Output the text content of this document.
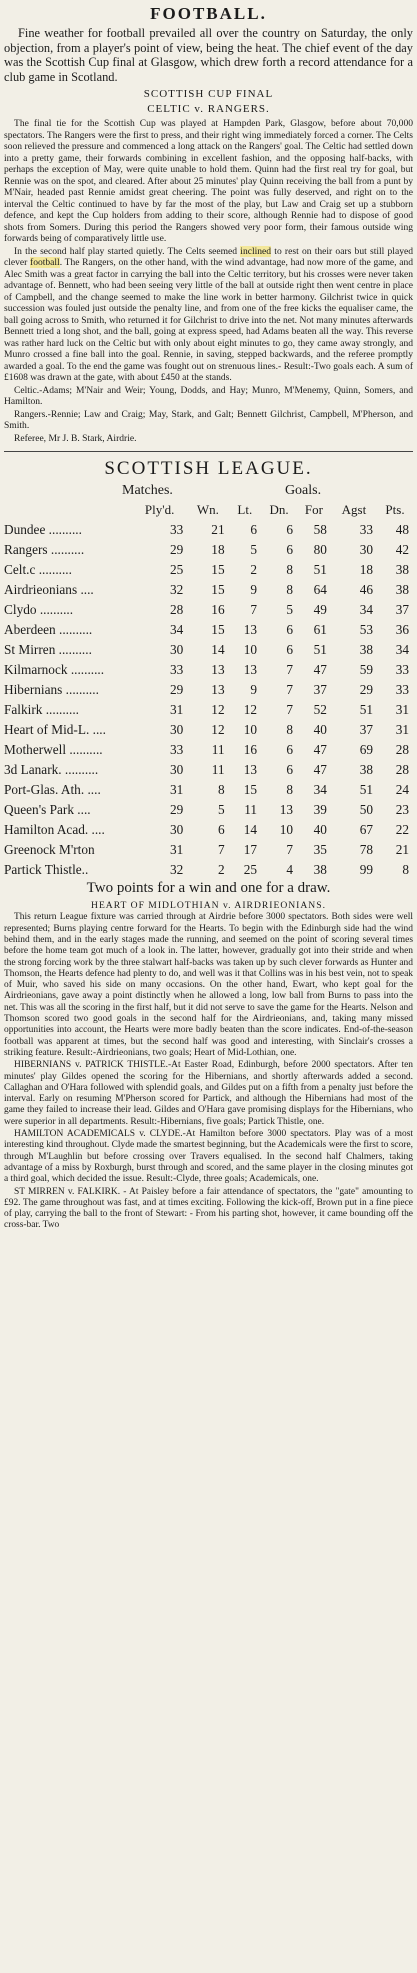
FOOTBALL.

Fine weather for football prevailed all over the country on Saturday, the only objection, from a player's point of view, being the heat. The chief event of the day was the Scottish Cup final at Glasgow, which drew forth a record attendance for a club game in Scotland.

SCOTTISH CUP FINAL
CELTIC v. RANGERS.

The final tie for the Scottish Cup was played at Hampden Park, Glasgow, before about 70,000 spectators. The Rangers were the first to press, and their right wing immediately forced a corner. The Celts soon relieved the pressure and commenced a long attack on the Rangers' goal. The Celtic had settled down into a pretty game, their forwards combining in excellent fashion, and the opposing half-backs, with perhaps the exception of May, were quite unable to hold them. Quinn had the first real try for goal, but Rennie was on the spot, and cleared. After about 25 minutes' play Quinn receiving the ball from a punt by M'Nair, headed past Rennie amidst great cheering. The point was fully deserved, and right on to the interval the Celtic continued to have by far the most of the play, but Law and Craig set up a stubborn defence, and kept the Cup holders from adding to their score, although Rennie had to dispose of good shots from Somers. During this period the Rangers showed very poor form, their famous outside wing forwards being of comparatively little use.

In the second half play started quietly. The Celts seemed inclined to rest on their oars but still played clever football. The Rangers, on the other hand, with the wind advantage, had now more of the game, and Alec Smith was a great factor in carrying the ball into the Celtic territory, but his crosses were never taken advantage of. Bennett, who had been seeing very little of the ball at outside right then went centre in place of Campbell, and the change seemed to make the line work in better harmony. Gilchrist twice in quick succession was fouled just outside the penalty line, and from one of the free kicks the equaliser came, the ball going across to Smith, who returned it for Gilchrist to drive into the net. Not many minutes afterwards Bennett tried a long shot, and the ball, going at express speed, had Adams beaten all the way. This reverse was rather hard luck on the Celtic but with only about eight minutes to go, they came away strongly, and Munro crossed a fine ball into the goal. Rennie, in saving, stepped backwards, and the referee promptly awarded a goal. To the end the game was fought out on strenuous lines.- Result:-Two goals each. A sum of £1608 was drawn at the gate, with about £450 at the stands.

Celtic.-Adams; M'Nair and Weir; Young, Dodds, and Hay; Munro, M'Menemy, Quinn, Somers, and Hamilton.

Rangers.-Rennie; Law and Craig; May, Stark, and Galt; Bennett Gilchrist, Campbell, M'Pherson, and Smith.

Referee, Mr J. B. Stark, Airdrie.

SCOTTISH LEAGUE.
Matches.	Goals.
	Ply'd.	Wn.	Lt.	Dn.	For	Agst	Pts.
Dundee ..........	33	21	6	6	58	33	48
Rangers ..........	29	18	5	6	80	30	42
Celt.c ..........	25	15	2	8	51	18	38
Airdrieonians ....	32	15	9	8	64	46	38
Clydo ..........	28	16	7	5	49	34	37
Aberdeen ..........	34	15	13	6	61	53	36
St Mirren ..........	30	14	10	6	51	38	34
Kilmarnock ..........	33	13	13	7	47	59	33
Hibernians ..........	29	13	9	7	37	29	33
Falkirk ..........	31	12	12	7	52	51	31
Heart of Mid-L. ....	30	12	10	8	40	37	31
Motherwell ..........	33	11	16	6	47	69	28
3d Lanark. ..........	30	11	13	6	47	38	28
Port-Glas. Ath. ....	31	8	15	8	34	51	24
Queen's Park ....	29	5	11	13	39	50	23
Hamilton Acad. ....	30	6	14	10	40	67	22
Greenock M'rton	31	7	17	7	35	78	21
Partick Thistle..	32	2	25	4	38	99	8
Two points for a win and one for a draw.
HEART OF MIDLOTHIAN v. AIRDRIEONIANS.

This return League fixture was carried through at Airdrie before 3000 spectators. Both sides were well represented; Burns playing centre forward for the Hearts. To begin with the Edinburgh side had the wind behind them, and in the early stages made the running, and seemed on the point of scoring several times before the home team got much of a look in. The latter, however, gradually got into their stride and when the strong forcing work by the three stalwart half-backs was taken up by such clever forwards as Hunter and Thomson, the Hearts defence had plenty to do, and well was it that Collins was in his best vein, not to speak of Muir, who saved his side on many occasions. On the other hand, Ewart, who kept goal for the Airdrieonians, gave away a point distinctly when he allowed a long, low ball from Burns to pass into the net. This was all the scoring in the first half, but it did not serve to save the game for the Hearts. Nelson and Thomson scored two good goals in the second half for the Airdrieonians, and, taking many missed opportunities into account, the Hearts were more badly beaten than the score indicates. End-of-the-season football was apparent at times, but the second half was good and interesting, with Sinclair's crosses a striking feature. Result:-Airdrieonians, two goals; Heart of Mid-Lothian, one.

HIBERNIANS v. PATRICK THISTLE.-At Easter Road, Edinburgh, before 2000 spectators. After ten minutes' play Gildes opened the scoring for the Hibernians, and shortly afterwards added a second. Callaghan and O'Hara followed with splendid goals, and Gildes put on a fifth from a penalty just before the interval. Early on resuming M'Pherson scored for Partick, and although the Hibernians had most of the game they failed to increase their lead. Gildes and O'Hara gave promising displays for the Hibernians, who were superior in all departments. Result:-Hibernians, five goals; Partick Thistle, one.

HAMILTON ACADEMICALS v. CLYDE.-At Hamilton before 3000 spectators. Play was of a most interesting kind throughout. Clyde made the smartest beginning, but the Academicals were the first to score, through M'Laughlin but before crossing over Travers equalised. In the second half Chalmers, taking advantage of a miss by Roxburgh, burst through and scored, and the same player in the closing minutes got a third goal, which decided the issue. Result:-Clyde, three goals; Academicals, one.

ST MIRREN v. FALKIRK. - At Paisley before a fair attendance of spectators, the "gate" amounting to £92. The game throughout was fast, and at times exciting. Following the kick-off, Brown put in a fine piece of play, carrying the ball to the front of Stewart: - From his parting shot, however, it came bounding off the cross-bar. Two
